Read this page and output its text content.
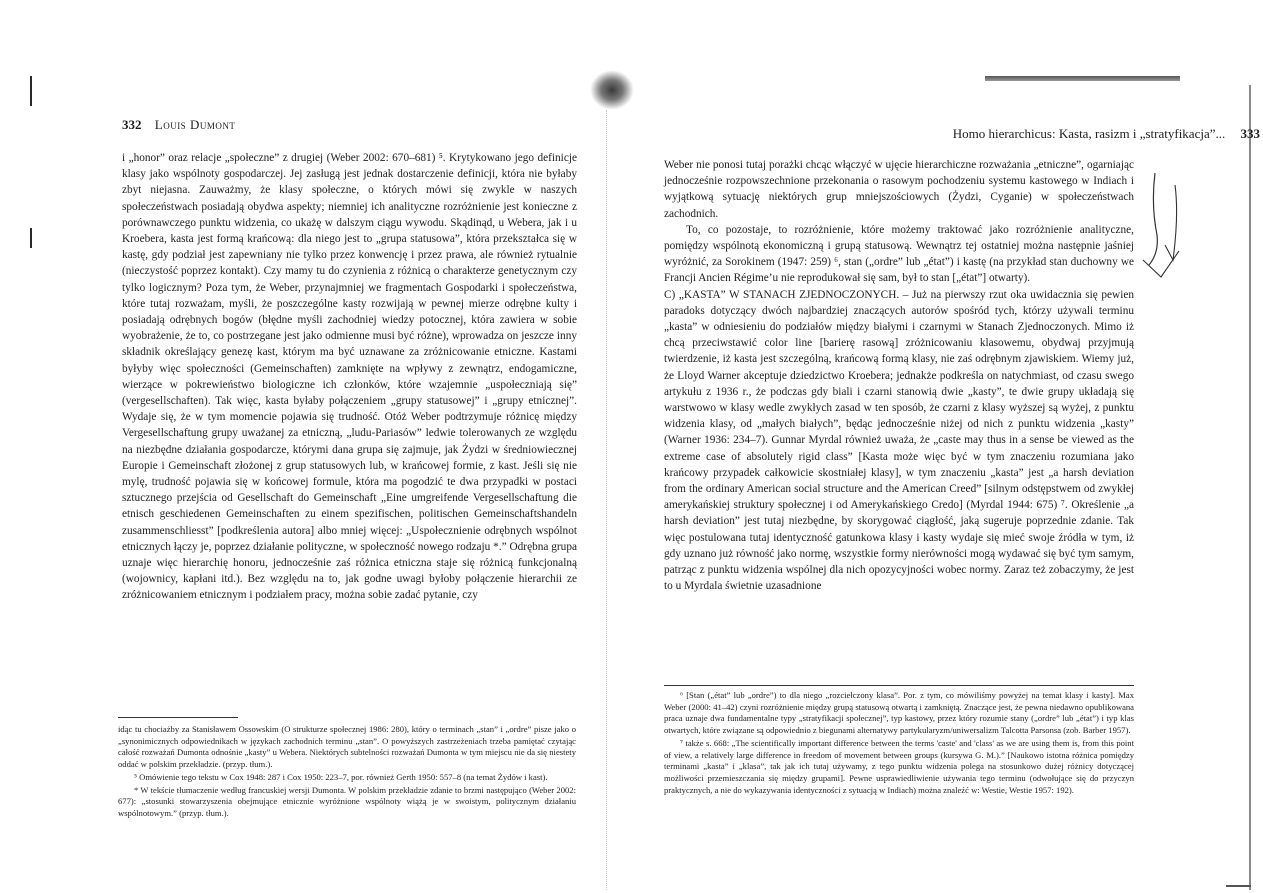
332 Louis Dumont

i „honor” oraz relacje „społeczne” z drugiej (Weber 2002: 670–681) ⁵. Krytykowano jego definicje klasy jako wspólnoty gospodarczej. Jej zasługą jest jednak dostarczenie definicji, która nie byłaby zbyt niejasna. Zauważmy, że klasy społeczne, o których mówi się zwykle w naszych społeczeństwach posiadają obydwa aspekty; niemniej ich analityczne rozróżnienie jest konieczne z porównawczego punktu widzenia, co ukażę w dalszym ciągu wywodu. Skądinąd, u Webera, jak i u Kroebera, kasta jest formą krańcową: dla niego jest to „grupa statusowa”, która przekształca się w kastę, gdy podział jest zapewniany nie tylko przez konwencję i przez prawa, ale również rytualnie (nieczystość poprzez kontakt). Czy mamy tu do czynienia z różnicą o charakterze genetycznym czy tylko logicznym? Poza tym, że Weber, przynajmniej we fragmentach Gospodarki i społeczeństwa, które tutaj rozważam, myśli, że poszczególne kasty rozwijają w pewnej mierze odrębne kulty i posiadają odrębnych bogów (błędne myśli zachodniej wiedzy potocznej, która zawiera w sobie wyobrażenie, że to, co postrzegane jest jako odmienne musi być różne), wprowadza on jeszcze inny składnik określający genezę kast, którym ma być uznawane za zróżnicowanie etniczne. Kastami byłyby więc społeczności (Gemeinschaften) zamknięte na wpływy z zewnątrz, endogamiczne, wierzące w pokrewieństwo biologiczne ich członków, które wzajemnie „uspołeczniają się” (vergesellschaften). Tak więc, kasta byłaby połączeniem „grupy statusowej” i „grupy etnicznej”. Wydaje się, że w tym momencie pojawia się trudność. Otóż Weber podtrzymuje różnicę między Vergesellschaftung grupy uważanej za etniczną, „ludu-Pariasów” ledwie tolerowanych ze względu na niezbędne działania gospodarcze, którymi dana grupa się zajmuje, jak Żydzi w średniowiecznej Europie i Gemeinschaft złożonej z grup statusowych lub, w krańcowej formie, z kast. Jeśli się nie mylę, trudność pojawia się w końcowej formule, która ma pogodzić te dwa przypadki w postaci sztucznego przejścia od Gesellschaft do Gemeinschaft „Eine umgreifende Vergesellschaftung die etnisch geschiedenen Gemeinschaften zu einem spezifischen, politischen Gemeinschaftshandeln zusammenschliesst” [podkreślenia autora] albo mniej więcej: „Uspołecznienie odrębnych wspólnot etnicznych łączy je, poprzez działanie polityczne, w społeczność nowego rodzaju *.” Odrębna grupa uznaje więc hierarchię honoru, jednocześnie zaś różnica etniczna staje się różnicą funkcjonalną (wojownicy, kapłani itd.). Bez względu na to, jak godne uwagi byłoby połączenie hierarchii ze zróżnicowaniem etnicznym i podziałem pracy, można sobie zadać pytanie, czy

idąc tu chociażby za Stanisławem Ossowskim (O strukturze społecznej 1986: 280), który o terminach „stan” i „ordre” pisze jako o „synonimicznych odpowiednikach w językach zachodnich terminu „stan”. O powyższych zastrzeżeniach trzeba pamiętać czytając całość rozważań Dumonta odnośnie „kasty” u Webera. Niektórych subtelności rozważań Dumonta w tym miejscu nie da się niestety oddać w polskim przekładzie. (przyp. tłum.).

⁵ Omówienie tego tekstu w Cox 1948: 287 i Cox 1950: 223–7, por. również Gerth 1950: 557–8 (na temat Żydów i kast).

* W tekście tłumaczenie według francuskiej wersji Dumonta. W polskim przekładzie zdanie to brzmi następująco (Weber 2002: 677): „stosunki stowarzyszenia obejmujące etnicznie wyróżnione wspólnoty wiążą je w swoistym, politycznym działaniu wspólnotowym.” (przyp. tłum.).

Homo hierarchicus: Kasta, rasizm i „stratyfikacja”... 333

Weber nie ponosi tutaj porażki chcąc włączyć w ujęcie hierarchiczne rozważania „etniczne”, ogarniając jednocześnie rozpowszechnione przekonania o rasowym pochodzeniu systemu kastowego w Indiach i wyjątkową sytuację niektórych grup mniejszościowych (Żydzi, Cyganie) w społeczeństwach zachodnich.

To, co pozostaje, to rozróżnienie, które możemy traktować jako rozróżnienie analityczne, pomiędzy wspólnotą ekonomiczną i grupą statusową. Wewnątrz tej ostatniej można następnie jaśniej wyróżnić, za Sorokinem (1947: 259) ⁶, stan („ordre” lub „état”) i kastę (na przykład stan duchowny we Francji Ancien Régime’u nie reprodukował się sam, był to stan [„état”] otwarty).

C) „KASTA” W STANACH ZJEDNOCZONYCH. – Już na pierwszy rzut oka uwidacznia się pewien paradoks dotyczący dwóch najbardziej znaczących autorów spośród tych, którzy używali terminu „kasta” w odniesieniu do podziałów między białymi i czarnymi w Stanach Zjednoczonych. Mimo iż chcą przeciwstawić color line [barierę rasową] zróżnicowaniu klasowemu, obydwaj przyjmują twierdzenie, iż kasta jest szczególną, krańcową formą klasy, nie zaś odrębnym zjawiskiem. Wiemy już, że Lloyd Warner akceptuje dziedzictwo Kroebera; jednakże podkreśla on natychmiast, od czasu swego artykułu z 1936 r., że podczas gdy biali i czarni stanowią dwie „kasty”, te dwie grupy układają się warstwowo w klasy wedle zwykłych zasad w ten sposób, że czarni z klasy wyższej są wyżej, z punktu widzenia klasy, od „małych białych”, będąc jednocześnie niżej od nich z punktu widzenia „kasty” (Warner 1936: 234–7). Gunnar Myrdal również uważa, że „caste may thus in a sense be viewed as the extreme case of absolutely rigid class” [Kasta może więc być w tym znaczeniu rozumiana jako krańcowy przypadek całkowicie skostniałej klasy], w tym znaczeniu „kasta” jest „a harsh deviation from the ordinary American social structure and the American Creed” [silnym odstępstwem od zwykłej amerykańskiej struktury społecznej i od Amerykańskiego Credo] (Myrdal 1944: 675) ⁷. Określenie „a harsh deviation” jest tutaj niezbędne, by skorygować ciągłość, jaką sugeruje poprzednie zdanie. Tak więc postulowana tutaj identyczność gatunkowa klasy i kasty wydaje się mieć swoje źródła w tym, iż gdy uznano już równość jako normę, wszystkie formy nierówności mogą wydawać się być tym samym, patrząc z punktu widzenia wspólnej dla nich opozycyjności wobec normy. Zaraz też zobaczymy, że jest to u Myrdala świetnie uzasadnione

⁶ [Stan („état” lub „ordre”) to dla niego „rozciełczony klasa”. Por. z tym, co mówiliśmy powyżej na temat klasy i kasty]. Max Weber (2000: 41–42) czyni rozróżnienie między grupą statusową otwartą i zamkniętą. Znaczące jest, że pewna niedawno opublikowana praca uznaje dwa fundamentalne typy „stratyfikacji społecznej”, typ kastowy, przez który rozumie stany („ordre” lub „état”) i typ klas otwartych, które związane są odpowiednio z biegunami alternatywy partykularyzm/uniwersalizm Talcotta Parsonsa (zob. Barber 1957).

⁷ także s. 668: „The scientifically important difference between the terms 'caste' and 'class' as we are using them is, from this point of view, a relatively large difference in freedom of movement between groups (kursywa G. M.).” [Naukowo istotna różnica pomiędzy terminami „kasta” i „klasa”, tak jak ich tutaj używamy, z tego punktu widzenia polega na stosunkowo dużej różnicy dotyczącej możliwości przemieszczania się między grupami]. Pewne usprawiedliwienie używania tego terminu (odwołujące się do przyczyn praktycznych, a nie do wykazywania identyczności z sytuacją w Indiach) można znaleźć w: Westie, Westie 1957: 192).
